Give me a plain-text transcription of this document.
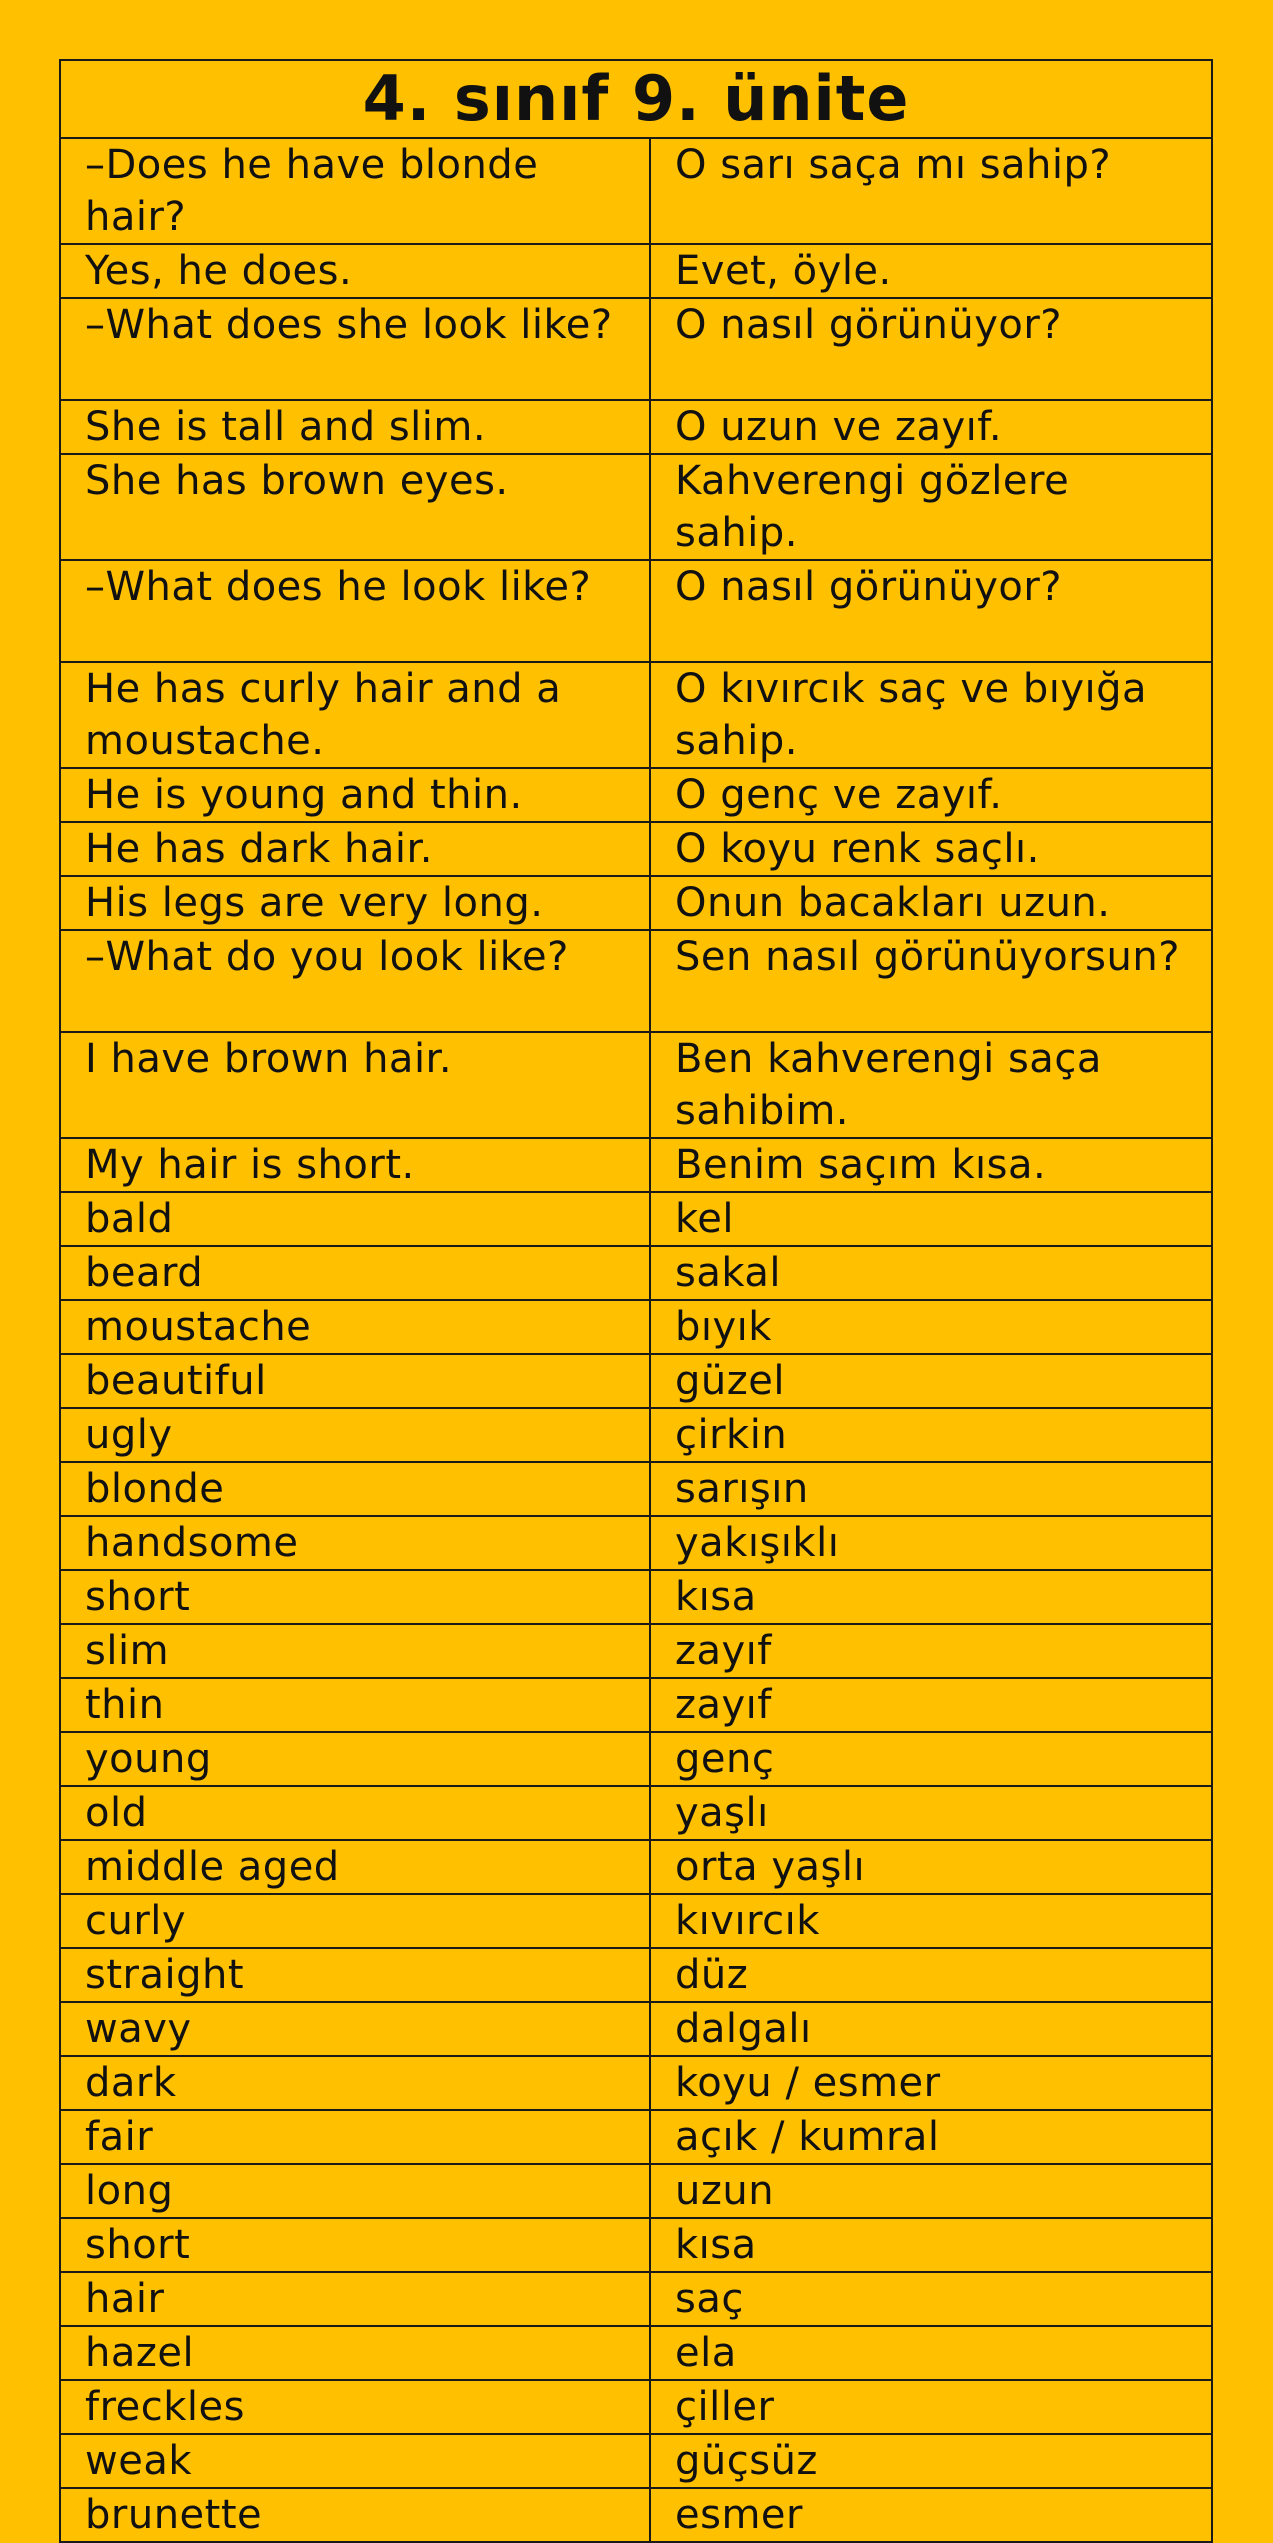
4. sınıf 9. ünite	
–Does he have blonde hair?	O sarı saça mı sahip?
Yes, he does.	Evet, öyle.
–What does she look like?	O nasıl görünüyor?
She is tall and slim.	O uzun ve zayıf.
She has brown eyes.	Kahverengi gözlere sahip.
–What does he look like?	O nasıl görünüyor?
He has curly hair and a moustache.	O kıvırcık saç ve bıyığa sahip.
He is young and thin.	O genç ve zayıf.
He has dark hair.	O koyu renk saçlı.
His legs are very long.	Onun bacakları uzun.
–What do you look like?	Sen nasıl görünüyorsun?
I have brown hair.	Ben kahverengi saça sahibim.
My hair is short.	Benim saçım kısa.
bald	kel
beard	sakal
moustache	bıyık
beautiful	güzel
ugly	çirkin
blonde	sarışın
handsome	yakışıklı
short	kısa
slim	zayıf
thin	zayıf
young	genç
old	yaşlı
middle aged	orta yaşlı
curly	kıvırcık
straight	düz
wavy	dalgalı
dark	koyu / esmer
fair	açık / kumral
long	uzun
short	kısa
hair	saç
hazel	ela
freckles	çiller
weak	güçsüz
brunette	esmer
